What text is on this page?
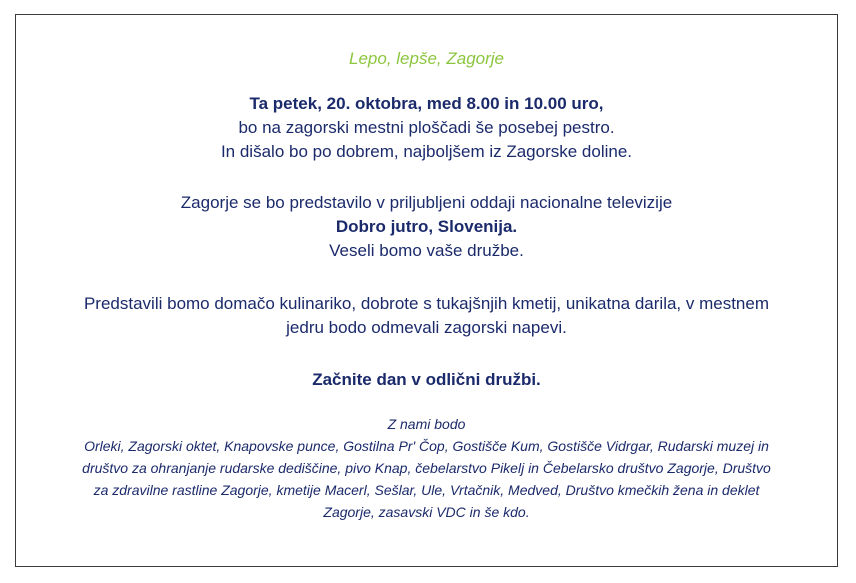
Lepo, lepše, Zagorje
Ta petek, 20. oktobra, med 8.00 in 10.00 uro,
bo na zagorski mestni ploščadi še posebej pestro.
In dišalo bo po dobrem, najboljšem iz Zagorske doline.
Zagorje se bo predstavilo v priljubljeni oddaji nacionalne televizije
Dobro jutro, Slovenija.
Veseli bomo vaše družbe.
Predstavili bomo domačo kulinariko, dobrote s tukajšnjih kmetij, unikatna darila, v mestnem
jedru bodo odmevali zagorski napevi.
Začnite dan v odlični družbi.
Z nami bodo
Orleki, Zagorski oktet, Knapovske punce, Gostilna Pr' Čop, Gostišče Kum, Gostišče Vidrgar, Rudarski muzej in
društvo za ohranjanje rudarske dediščine, pivo Knap, čebelarstvo Pikelj in Čebelarsko društvo Zagorje, Društvo
za zdravilne rastline Zagorje, kmetije Macerl, Sešlar, Ule, Vrtačnik, Medved, Društvo kmečkih žena in deklet
Zagorje, zasavski VDC in še kdo.
